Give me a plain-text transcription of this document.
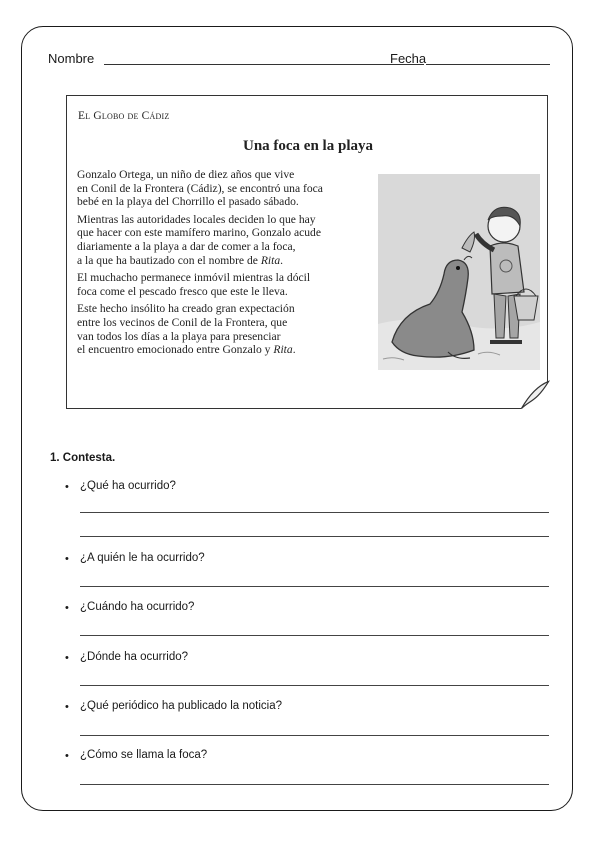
Nombre	Fecha
El Globo de Cádiz
Una foca en la playa

Gonzalo Ortega, un niño de diez años que vive
en Conil de la Frontera (Cádiz), se encontró una foca
bebé en la playa del Chorrillo el pasado sábado.

Mientras las autoridades locales deciden lo que hay
que hacer con este mamífero marino, Gonzalo acude
diariamente a la playa a dar de comer a la foca,
a la que ha bautizado con el nombre de Rita.

El muchacho permanece inmóvil mientras la dócil
foca come el pescado fresco que este le lleva.

Este hecho insólito ha creado gran expectación
entre los vecinos de Conil de la Frontera, que
van todos los días a la playa para presenciar
el encuentro emocionado entre Gonzalo y Rita.

1. Contesta.
• ¿Qué ha ocurrido?
• ¿A quién le ha ocurrido?
• ¿Cuándo ha ocurrido?
• ¿Dónde ha ocurrido?
• ¿Qué periódico ha publicado la noticia?
• ¿Cómo se llama la foca?
